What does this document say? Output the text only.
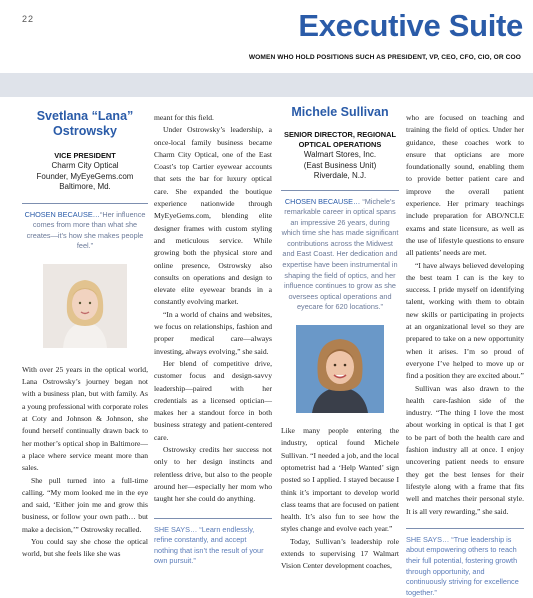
22	Executive Suite
WOMEN WHO HOLD POSITIONS SUCH AS PRESIDENT, VP, CEO, CFO, CIO, OR COO
Svetlana “Lana”
Ostrowsky
VICE PRESIDENT
Charm City Optical
Founder, MyEyeGems.com
Baltimore, Md.
CHOSEN BECAUSE…“Her influence comes from more than what she creates—it’s how she makes people feel.”

With over 25 years in the optical world, Lana Ostrowsky’s journey began not with a business plan, but with family. As a young professional with corporate roles at Coty and Johnson & Johnson, she found herself continually drawn back to her mother’s optical shop in Baltimore—a place where service meant more than sales.

She pull turned into a full-time calling. “My mom looked me in the eye and said, ‘Either join me and grow this business, or follow your own path… but make a decision,’” Ostrowsky recalled.

You could say she chose the optical world, but she feels like she was

meant for this field.

Under Ostrowsky’s leadership, a once-local family business became Charm City Optical, one of the East Coast’s top Cartier eyewear accounts that sets the bar for luxury optical care. She expanded the boutique experience nationwide through MyEyeGems.com, blending elite designer frames with custom styling and meticulous service. While growing both the physical store and online presence, Ostrowsky also consults on operations and design to elevate elite eyewear brands in a constantly evolving market.

“In a world of chains and websites, we focus on relationships, fashion and proper medical care—always investing, always evolving,” she said.

Her blend of competitive drive, customer focus and design-savvy leadership—paired with her credentials as a licensed optician—makes her a standout force in both business strategy and patient-centered care.

Ostrowsky credits her success not only to her design instincts and relentless drive, but also to the people around her—especially her mom who taught her she could do anything.

SHE SAYS… “Learn endlessly, refine constantly, and accept nothing that isn’t the result of your own pursuit.”
Michele Sullivan
SENIOR DIRECTOR, REGIONAL
OPTICAL OPERATIONS
Walmart Stores, Inc.
(East Business Unit)
Riverdale, N.J.
CHOSEN BECAUSE… “Michele’s remarkable career in optical spans an impressive 26 years, during which time she has made significant contributions across the Midwest and East Coast. Her dedication and expertise have been instrumental in shaping the field of optics, and her influence continues to grow as she oversees optical operations and eyecare for 620 locations.”

Like many people entering the industry, optical found Michele Sullivan. “I needed a job, and the local optometrist had a ‘Help Wanted’ sign posted so I applied. I stayed because I think it’s important to develop world class teams that are focused on patient health. It’s also fun to see how the styles change and evolve each year.”

Today, Sullivan’s leadership role extends to supervising 17 Walmart Vision Center development coaches,

who are focused on teaching and training the field of optics. Under her guidance, these coaches work to ensure that opticians are more foundationally sound, enabling them to provide better patient care and improve the overall patient experience. Her primary teachings include preparation for ABO/NCLE exams and state licensure, as well as the use of lifestyle questions to ensure all patients’ needs are met.

“I have always believed developing the best team I can is the key to success. I pride myself on identifying talent, working with them to obtain new skills or participating in projects at an organizational level so they are prepared to take on a new opportunity when it arises. I’m so proud of everyone I’ve helped to move up or find a position they are excited about.”

Sullivan was also drawn to the health care-fashion side of the industry. “The thing I love the most about working in optical is that I get to be part of both the health care and fashion industry all at once. I enjoy uncovering patient needs to ensure they get the best lenses for their lifestyle along with a frame that fits well and matches their personal style. It is all very rewarding,” she said.

SHE SAYS… “True leadership is about empowering others to reach their full potential, fostering growth through opportunity, and continuously striving for excellence together.”
